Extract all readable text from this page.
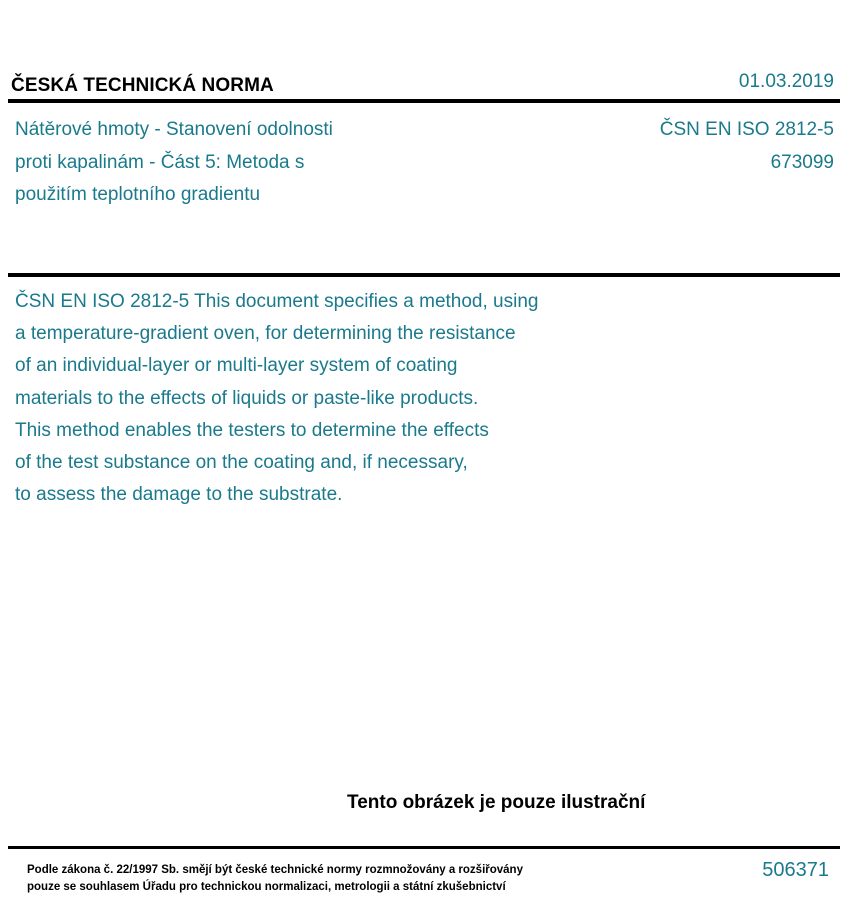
ČESKÁ TECHNICKÁ NORMA	01.03.2019
Nátěrové hmoty - Stanovení odolnosti
proti kapalinám - Část 5: Metoda s
použitím teplotního gradientu
ČSN EN ISO 2812-5
673099
ČSN EN ISO 2812-5 This document specifies a method, using
a temperature-gradient oven, for determining the resistance
of an individual-layer or multi-layer system of coating
materials to the effects of liquids or paste-like products.
This method enables the testers to determine the effects
of the test substance on the coating and, if necessary,
to assess the damage to the substrate.
Tento obrázek je pouze ilustrační
Podle zákona č. 22/1997 Sb. smějí být české technické normy rozmnožovány a rozšiřovány
pouze se souhlasem Úřadu pro technickou normalizaci, metrologii a státní zkušebnictví
506371
